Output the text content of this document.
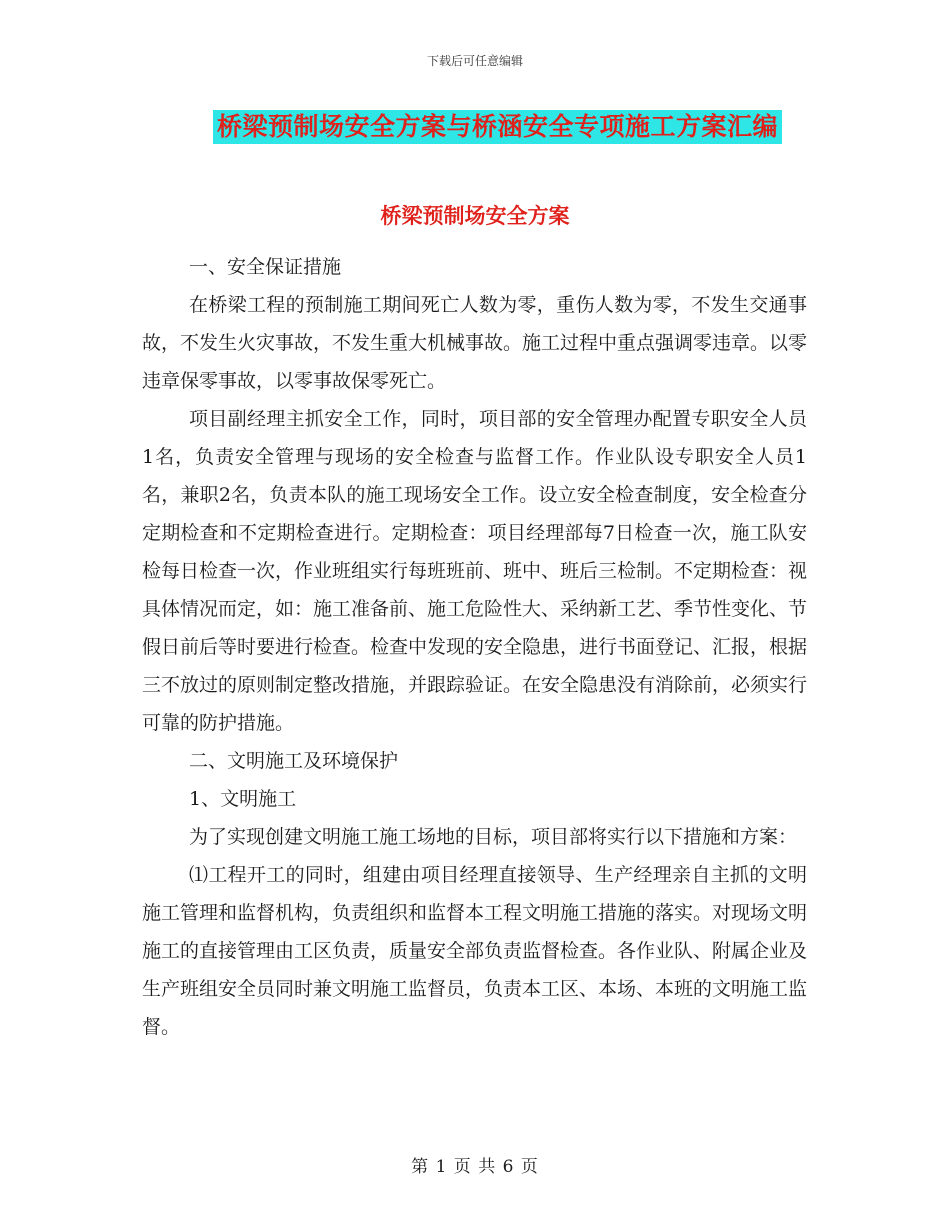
下载后可任意编辑
桥梁预制场安全方案与桥涵安全专项施工方案汇编
桥梁预制场安全方案

一、安全保证措施

在桥梁工程的预制施工期间死亡人数为零，重伤人数为零，不发生交通事故，不发生火灾事故，不发生重大机械事故。施工过程中重点强调零违章。以零违章保零事故，以零事故保零死亡。

项目副经理主抓安全工作，同时，项目部的安全管理办配置专职安全人员1名，负责安全管理与现场的安全检查与监督工作。作业队设专职安全人员1名，兼职2名，负责本队的施工现场安全工作。设立安全检查制度，安全检查分定期检查和不定期检查进行。定期检查：项目经理部每7日检查一次，施工队安检每日检查一次，作业班组实行每班班前、班中、班后三检制。不定期检查：视具体情况而定，如：施工准备前、施工危险性大、采纳新工艺、季节性变化、节假日前后等时要进行检查。检查中发现的安全隐患，进行书面登记、汇报，根据三不放过的原则制定整改措施，并跟踪验证。在安全隐患没有消除前，必须实行可靠的防护措施。

二、文明施工及环境保护

1、文明施工

为了实现创建文明施工施工场地的目标，项目部将实行以下措施和方案：

⑴工程开工的同时，组建由项目经理直接领导、生产经理亲自主抓的文明施工管理和监督机构，负责组织和监督本工程文明施工措施的落实。对现场文明施工的直接管理由工区负责，质量安全部负责监督检查。各作业队、附属企业及生产班组安全员同时兼文明施工监督员，负责本工区、本场、本班的文明施工监督。

第 1 页 共 6 页
